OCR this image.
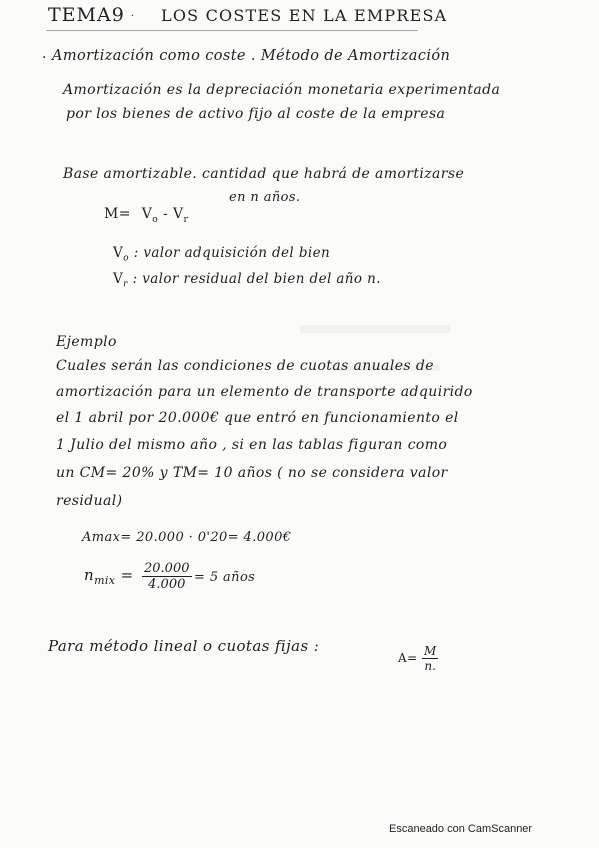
TEMA9 · LOS COSTES EN LA EMPRESA
· Amortización como coste . Método de Amortización
Amortización es la depreciación monetaria experimentada
por los bienes de activo fijo al coste de la empresa
Base amortizable. cantidad que habrá de amortizarse
en n años.
$M= V_o - V_r$
$V_o$ : valor adquisición del bien
$V_r$ : valor residual del bien del año n.
Ejemplo
Cuales serán las condiciones de cuotas anuales de
amortización para un elemento de transporte adquirido
el 1 abril por 20.000€ que entró en funcionamiento el
1 Julio del mismo año , si en las tablas figuran como
un CM= 20% y TM= 10 años ( no se considera valor
residual)
Amax= 20.000 · 0'20= 4.000€
$n_{mix} = \frac{20.000}{4.000} = 5$ años
Para método lineal o cuotas fijas :
$A= \frac{M}{n.}$
Escaneado con CamScanner
